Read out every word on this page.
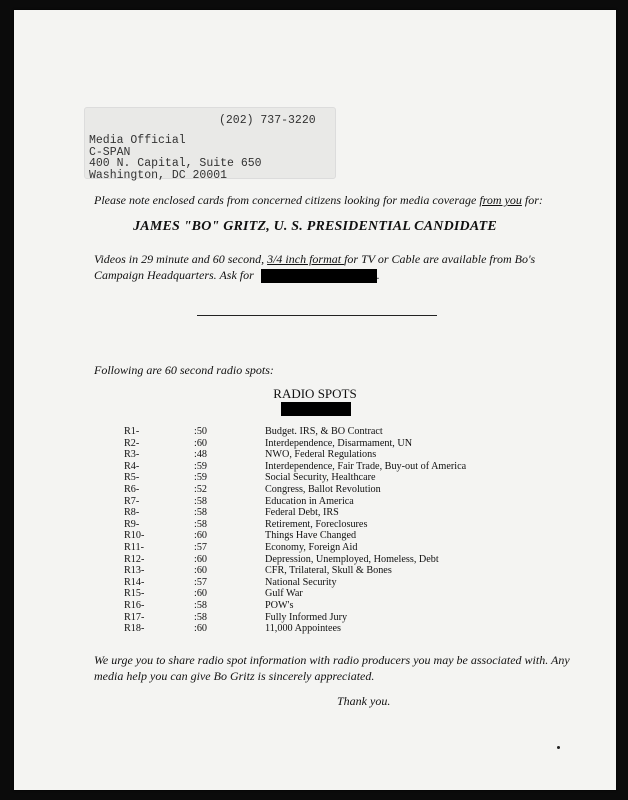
(202) 737-3220
Media Official
C-SPAN
400 N. Capital, Suite 650
Washington, DC 20001
Please note enclosed cards from concerned citizens looking for media coverage from you for:
JAMES "BO" GRITZ, U. S. PRESIDENTIAL CANDIDATE
Videos in 29 minute and 60 second, 3/4 inch format for TV or Cable are available from Bo's Campaign Headquarters. Ask for	.
Following are 60 second radio spots:
RADIO SPOTS
R1-	:50	Budget. IRS, & BO Contract
R2-	:60	Interdependence, Disarmament, UN
R3-	:48	NWO, Federal Regulations
R4-	:59	Interdependence, Fair Trade, Buy-out of America
R5-	:59	Social Security, Healthcare
R6-	:52	Congress, Ballot Revolution
R7-	:58	Education in America
R8-	:58	Federal Debt, IRS
R9-	:58	Retirement, Foreclosures
R10-	:60	Things Have Changed
R11-	:57	Economy, Foreign Aid
R12-	:60	Depression, Unemployed, Homeless, Debt
R13-	:60	CFR, Trilateral, Skull & Bones
R14-	:57	National Security
R15-	:60	Gulf War
R16-	:58	POW's
R17-	:58	Fully Informed Jury
R18-	:60	11,000 Appointees
We urge you to share radio spot information with radio producers you may be associated with. Any media help you can give Bo Gritz is sincerely appreciated.
Thank you.
